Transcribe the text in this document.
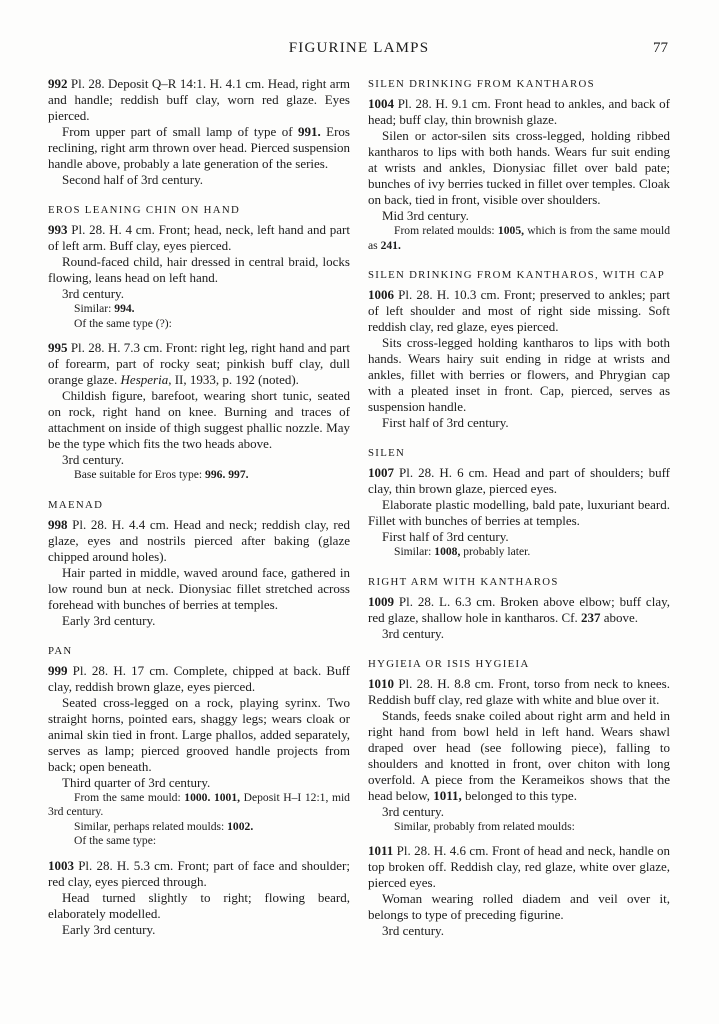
FIGURINE LAMPS	77

992 Pl. 28. Deposit Q–R 14:1. H. 4.1 cm. Head, right arm and handle; reddish buff clay, worn red glaze. Eyes pierced.

From upper part of small lamp of type of 991. Eros reclining, right arm thrown over head. Pierced suspension handle above, probably a late generation of the series.

Second half of 3rd century.

EROS LEANING CHIN ON HAND

993 Pl. 28. H. 4 cm. Front; head, neck, left hand and part of left arm. Buff clay, eyes pierced.

Round-faced child, hair dressed in central braid, locks flowing, leans head on left hand.

3rd century.

Similar: 994.

Of the same type (?):

995 Pl. 28. H. 7.3 cm. Front: right leg, right hand and part of forearm, part of rocky seat; pinkish buff clay, dull orange glaze. Hesperia, II, 1933, p. 192 (noted).

Childish figure, barefoot, wearing short tunic, seated on rock, right hand on knee. Burning and traces of attachment on inside of thigh suggest phallic nozzle. May be the type which fits the two heads above.

3rd century.

Base suitable for Eros type: 996. 997.

MAENAD

998 Pl. 28. H. 4.4 cm. Head and neck; reddish clay, red glaze, eyes and nostrils pierced after baking (glaze chipped around holes).

Hair parted in middle, waved around face, gathered in low round bun at neck. Dionysiac fillet stretched across forehead with bunches of berries at temples.

Early 3rd century.

PAN

999 Pl. 28. H. 17 cm. Complete, chipped at back. Buff clay, reddish brown glaze, eyes pierced.

Seated cross-legged on a rock, playing syrinx. Two straight horns, pointed ears, shaggy legs; wears cloak or animal skin tied in front. Large phallos, added separately, serves as lamp; pierced grooved handle projects from back; open beneath.

Third quarter of 3rd century.

From the same mould: 1000. 1001, Deposit H–I 12:1, mid 3rd century.

Similar, perhaps related moulds: 1002.

Of the same type:

1003 Pl. 28. H. 5.3 cm. Front; part of face and shoulder; red clay, eyes pierced through.

Head turned slightly to right; flowing beard, elaborately modelled.

Early 3rd century.

SILEN DRINKING FROM KANTHAROS

1004 Pl. 28. H. 9.1 cm. Front head to ankles, and back of head; buff clay, thin brownish glaze.

Silen or actor-silen sits cross-legged, holding ribbed kantharos to lips with both hands. Wears fur suit ending at wrists and ankles, Dionysiac fillet over bald pate; bunches of ivy berries tucked in fillet over temples. Cloak on back, tied in front, visible over shoulders.

Mid 3rd century.

From related moulds: 1005, which is from the same mould as 241.

SILEN DRINKING FROM KANTHAROS, WITH CAP

1006 Pl. 28. H. 10.3 cm. Front; preserved to ankles; part of left shoulder and most of right side missing. Soft reddish clay, red glaze, eyes pierced.

Sits cross-legged holding kantharos to lips with both hands. Wears hairy suit ending in ridge at wrists and ankles, fillet with berries or flowers, and Phrygian cap with a pleated inset in front. Cap, pierced, serves as suspension handle.

First half of 3rd century.

SILEN

1007 Pl. 28. H. 6 cm. Head and part of shoulders; buff clay, thin brown glaze, pierced eyes.

Elaborate plastic modelling, bald pate, luxuriant beard. Fillet with bunches of berries at temples.

First half of 3rd century.

Similar: 1008, probably later.

RIGHT ARM WITH KANTHAROS

1009 Pl. 28. L. 6.3 cm. Broken above elbow; buff clay, red glaze, shallow hole in kantharos. Cf. 237 above.

3rd century.

HYGIEIA OR ISIS HYGIEIA

1010 Pl. 28. H. 8.8 cm. Front, torso from neck to knees. Reddish buff clay, red glaze with white and blue over it.

Stands, feeds snake coiled about right arm and held in right hand from bowl held in left hand. Wears shawl draped over head (see following piece), falling to shoulders and knotted in front, over chiton with long overfold. A piece from the Kerameikos shows that the head below, 1011, belonged to this type.

3rd century.

Similar, probably from related moulds:

1011 Pl. 28. H. 4.6 cm. Front of head and neck, handle on top broken off. Reddish clay, red glaze, white over glaze, pierced eyes.

Woman wearing rolled diadem and veil over it, belongs to type of preceding figurine.

3rd century.
